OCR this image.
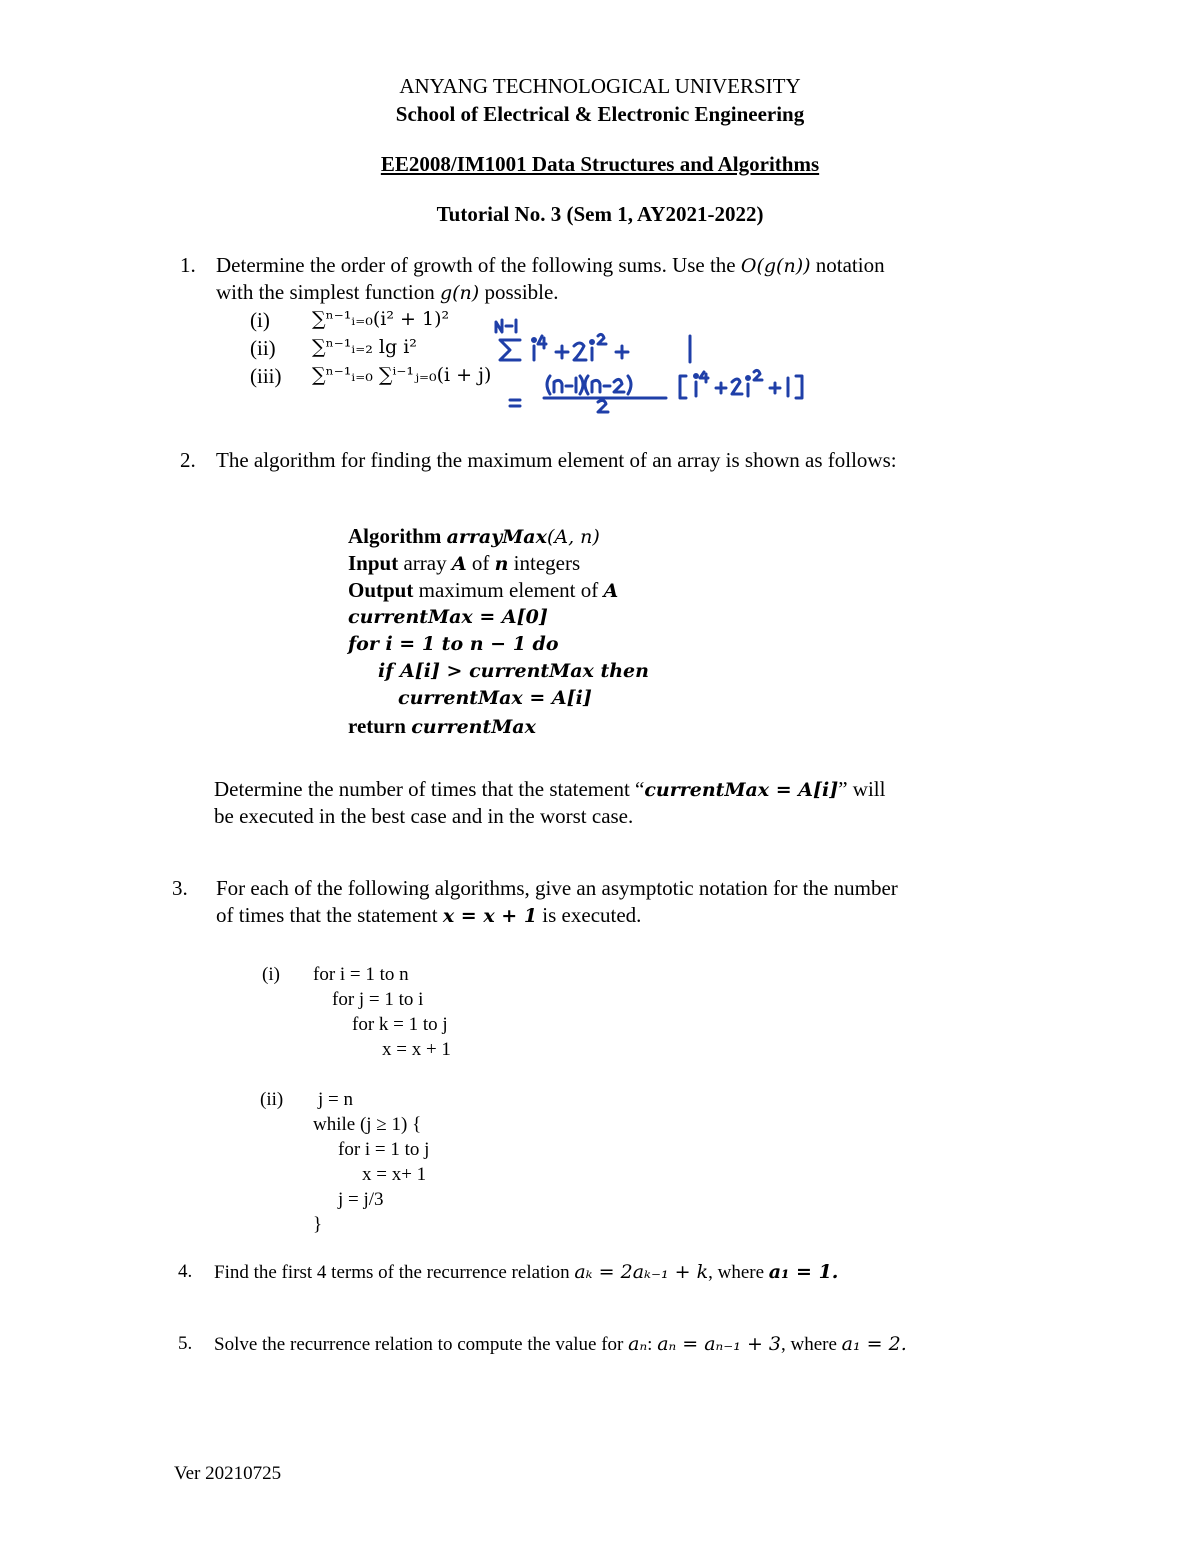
ANYANG TECHNOLOGICAL UNIVERSITY
School of Electrical & Electronic Engineering
EE2008/IM1001 Data Structures and Algorithms
Tutorial No. 3 (Sem 1, AY2021-2022)
1. Determine the order of growth of the following sums. Use the O(g(n)) notation
with the simplest function g(n) possible.
(i) ∑ⁿ⁻¹ᵢ₌₀(i² + 1)²
(ii) ∑ⁿ⁻¹ᵢ₌₂ lg i²
(iii) ∑ⁿ⁻¹ᵢ₌₀ ∑ⁱ⁻¹ⱼ₌₀(i + j)
2. The algorithm for finding the maximum element of an array is shown as follows:
Algorithm arrayMax(A, n)
Input array A of n integers
Output maximum element of A
currentMax = A[0]
for i = 1 to n − 1 do
if A[i] > currentMax then
currentMax = A[i]
return currentMax
Determine the number of times that the statement “currentMax = A[i]” will
be executed in the best case and in the worst case.
3. For each of the following algorithms, give an asymptotic notation for the number
of times that the statement x = x + 1 is executed.
(i) for i = 1 to n
for j = 1 to i
for k = 1 to j
x = x + 1
(ii) j = n
while (j ≥ 1) {
for i = 1 to j
x = x+ 1
j = j/3
}
4. Find the first 4 terms of the recurrence relation aₖ = 2aₖ₋₁ + k, where a₁ = 1.
5. Solve the recurrence relation to compute the value for aₙ: aₙ = aₙ₋₁ + 3, where a₁ = 2.
Ver 20210725
